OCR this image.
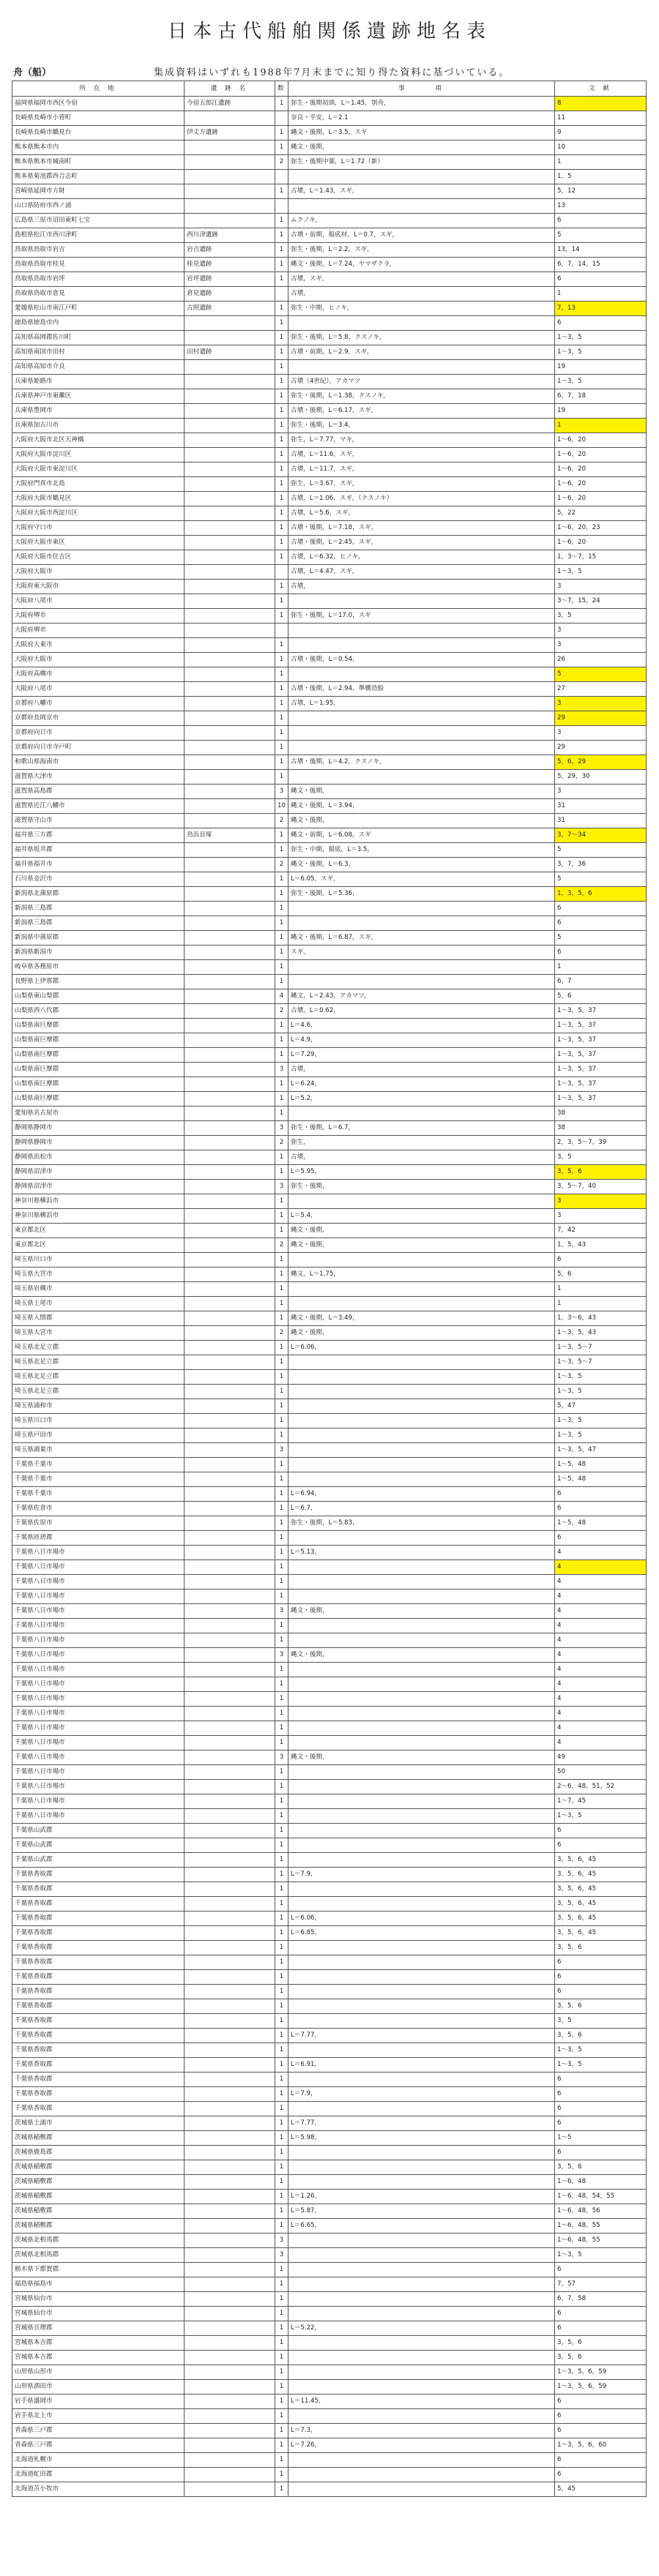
日本古代船舶関係遺跡地名表
舟（船）	集成資料はいずれも1988年7月末までに知り得た資料に基づいている。
所 在 地	遺 跡 名	数	事　　　項	文 献
福岡県福岡市西区今宿	今宿五郎江遺跡	1	弥生・後期初頭，L＝1.45，刳舟，	8
長崎県長崎市小菅町			奈良・平安，L＝2.1	11
長崎県長崎市鶴見台	伊丈方遺跡	1	縄文・後期，L＝3.5，スギ	9
熊本県熊本市内		1	縄文・後期，	10
熊本県熊本市城南町		2	弥生・後期中葉，L＝1.72（新）	1
熊本県菊池郡西合志町				1，5
宮崎県延岡市方財		1	古墳，L＝1.43，スギ，	5，12
山口県防府市西ノ浦				13
広島県三原市沼田東町七宝		1	ムクノキ，	6
島根県松江市西川津町	西川津遺跡	1	古墳・前期，船底材，L＝0.7，スギ，	5
鳥取県鳥取市岩吉	岩吉遺跡	1	弥生・後期，L＝2.2，スギ，	13，14
鳥取県鳥取市桂見	桂見遺跡	1	縄文・後期，L＝7.24，ヤマザクラ，	6，7，14，15
鳥取県鳥取市岩坪	岩坪遺跡	1	古墳，スギ，	6
鳥取県鳥取市倉見	倉見遺跡		古墳，	1
愛媛県松山市南江戸町	古照遺跡	1	弥生・中期，ヒノキ，	7，13
徳島県徳島市内		1		6
高知県高岡郡佐川町		1	弥生・後期，L＝5.8，クスノキ，	1～3，5
高知県南国市田村	田村遺跡	1	古墳・前期，L＝2.9，スギ，	1～3，5
高知県高知市介良		1		19
兵庫県姫路市		1	古墳（4世紀），アカマツ	1～3，5
兵庫県神戸市東灘区		1	弥生・後期，L＝1.38，クスノキ，	6，7，18
兵庫県豊岡市		1	古墳・後期，L＝6.17，スギ，	19
兵庫県加古川市		1	弥生・後期，L＝3.4，	1
大阪府大阪市北区天神橋		1	弥生，L＝7.77，マキ，	1～6，20
大阪府大阪市淀川区		1	古墳，L＝11.6，スギ，	1～6，20
大阪府大阪市東淀川区		1	古墳，L＝11.7，スギ，	1～6，20
大阪府門真市北島		1	弥生，L＝3.67，スギ，	1～6，20
大阪府大阪市鶴見区		1	古墳，L＝1.06，スギ，（クスノキ）	1～6，20
大阪府大阪市西淀川区		1	古墳，L＝5.6，スギ，	5，22
大阪府守口市		1	古墳・後期，L＝7.18，スギ，	1～6，20，23
大阪府大阪市東区		1	古墳・後期，L＝2.45，スギ，	1～6，20
大阪府大阪市住吉区		1	古墳，L＝6.32，ヒノキ，	1，3～7，15
大阪府大阪市			古墳，L＝4.47，スギ，	1～3，5
大阪府東大阪市		1	古墳，	3
大阪府八尾市		1		3～7，15，24
大阪府堺市		1	弥生・後期，L＝17.0，スギ	3，5
大阪府堺市				3
大阪府大東市		1		3
大阪府大阪市		1	古墳・後期，L＝0.54，	26
大阪府高槻市		1		5
大阪府八尾市		1	古墳・後期，L＝2.94，準構造船	27
京都府八幡市		1	古墳，L＝1.95，	3
京都府長岡京市		1		29
京都府向日市		1		3
京都府向日市寺戸町		1		29
和歌山県海南市		1	古墳・後期，L＝4.2，クスノキ，	5，6，29
滋賀県大津市		1		5，29，30
滋賀県高島郡		3	縄文・後期，	3
滋賀県近江八幡市		10	縄文・後期，L＝3.94，	31
滋賀県守山市		2	縄文・後期，	31
福井県三方郡	鳥浜貝塚	1	縄文・前期，L＝6.08，スギ	3，7～34
福井県坂井郡		1	弥生・中期，船底，L＝3.5，	5
福井県福井市		2	縄文・後期，L＝6.3，	3，7，36
石川県金沢市		1	L＝6.05，スギ，	5
新潟県北蒲原郡		1	弥生・後期，L＝5.36，	1，3，5，6
新潟県三島郡		1		6
新潟県三島郡		1		6
新潟県中蒲原郡		1	縄文・後期，L＝6.87，スギ，	5
新潟県新潟市		1	スギ，	6
岐阜県各務原市		1		1
長野県上伊那郡		1		6，7
山梨県東山梨郡		4	縄文，L＝2.43，アカマツ，	5，6
山梨県西八代郡		2	古墳，L＝0.62，	1～3，5，37
山梨県南巨摩郡		1	L＝4.6，	1～3，5，37
山梨県南巨摩郡		1	L＝4.9，	1～3，5，37
山梨県南巨摩郡		1	L＝7.29，	1～3，5，37
山梨県南巨摩郡		3	古墳，	1～3，5，37
山梨県南巨摩郡		1	L＝6.24，	1～3，5，37
山梨県南巨摩郡		1	L＝5.2，	1～3，5，37
愛知県名古屋市		1		38
静岡県静岡市		3	弥生・後期，L＝6.7，	38
静岡県静岡市		2	弥生，	2，3，5～7，39
静岡県浜松市		1	古墳，	3，5
静岡県沼津市		1	L＝5.95，	3，5，6
静岡県沼津市		3	弥生・後期，	3，5～7，40
神奈川県横浜市		1		3
神奈川県横浜市		1	L＝5.4，	3
東京都北区		1	縄文・後期，	7，42
東京都北区		2	縄文・後期，	1，5，43
埼玉県川口市		1		6
埼玉県大宮市		1	縄文，L＝1.75，	5，6
埼玉県岩槻市		1		1
埼玉県上尾市		1		1
埼玉県入間郡		1	縄文・後期，L＝3.49，	1，3～6，43
埼玉県大宮市		2	縄文・後期，	1～3，5，43
埼玉県北足立郡		1	L＝6.06，	1～3，5～7
埼玉県北足立郡		1		1～3，5～7
埼玉県北足立郡		1		1～3，5
埼玉県北足立郡		1		1～3，5
埼玉県浦和市		1		5，47
埼玉県川口市		1		1～3，5
埼玉県戸田市		1		1～3，5
埼玉県鴻巣市		3		1～3，5，47
千葉県千葉市		1		1～5，48
千葉県千葉市		1		1～5，48
千葉県千葉市		1	L＝6.94，	6
千葉県佐倉市		1	L＝6.7，	6
千葉県佐原市		1	弥生・後期，L＝5.83，	1～5，48
千葉県匝瑳郡		1		6
千葉県八日市場市		1	L＝5.13，	4
千葉県八日市場市		1		4
千葉県八日市場市		1		4
千葉県八日市場市		1		4
千葉県八日市場市		3	縄文・後期，	4
千葉県八日市場市		1		4
千葉県八日市場市		1		4
千葉県八日市場市		3	縄文・後期，	4
千葉県八日市場市		1		4
千葉県八日市場市		1		4
千葉県八日市場市		1		4
千葉県八日市場市		1		4
千葉県八日市場市		1		4
千葉県八日市場市		1		4
千葉県八日市場市		3	縄文・後期，	49
千葉県八日市場市		1		50
千葉県八日市場市		1		2～6，48，51，52
千葉県八日市場市		1		1～7，45
千葉県八日市場市		1		1～3，5
千葉県山武郡		1		6
千葉県山武郡		1		6
千葉県山武郡		1		3，5，6，45
千葉県香取郡		1	L＝7.9，	3，5，6，45
千葉県香取郡		1		3，5，6，45
千葉県香取郡		1		3，5，6，45
千葉県香取郡		1	L＝6.06，	3，5，6，45
千葉県香取郡		1	L＝6.85，	3，5，6，45
千葉県香取郡		1		3，5，6
千葉県香取郡		1		6
千葉県香取郡		1		6
千葉県香取郡		1		6
千葉県香取郡		1		3，5，6
千葉県香取郡		1		3，5
千葉県香取郡		1	L＝7.77，	3，5，6
千葉県香取郡		1		1～3，5
千葉県香取郡		1	L＝6.91，	1～3，5
千葉県香取郡		1		6
千葉県香取郡		1	L＝7.9，	6
千葉県香取郡		1		6
茨城県土浦市		1	L＝7.77，	6
茨城県稲敷郡		1	L＝5.98，	1～5
茨城県鹿島郡		1		6
茨城県稲敷郡		1		3，5，6
茨城県稲敷郡		1		1～6，48
茨城県稲敷郡		1	L＝1.26，	1～6，48，54，55
茨城県稲敷郡		1	L＝5.87，	1～6，48，56
茨城県稲敷郡		1	L＝6.65，	1～6，48，55
茨城県北相馬郡		3		1～6，48，55
茨城県北相馬郡		3		1～3，5
栃木県下都賀郡		1		6
福島県福島市		1		7，57
宮城県仙台市		1		6，7，58
宮城県仙台市		1		6
宮城県亘理郡		1	L＝5.22，	6
宮城県本吉郡		1		3，5，6
宮城県本吉郡		1		3，5，6
山形県山形市		1		1～3，5，6，59
山形県酒田市		1		1～3，5，6，59
岩手県盛岡市		1	L＝11.45，	6
岩手県北上市		1		6
青森県三戸郡		1	L＝7.3，	6
青森県三戸郡		1	L＝7.26，	1～3，5，6，60
北海道札幌市		1		6
北海道虻田郡		1		6
北海道苫小牧市		1		5，45
